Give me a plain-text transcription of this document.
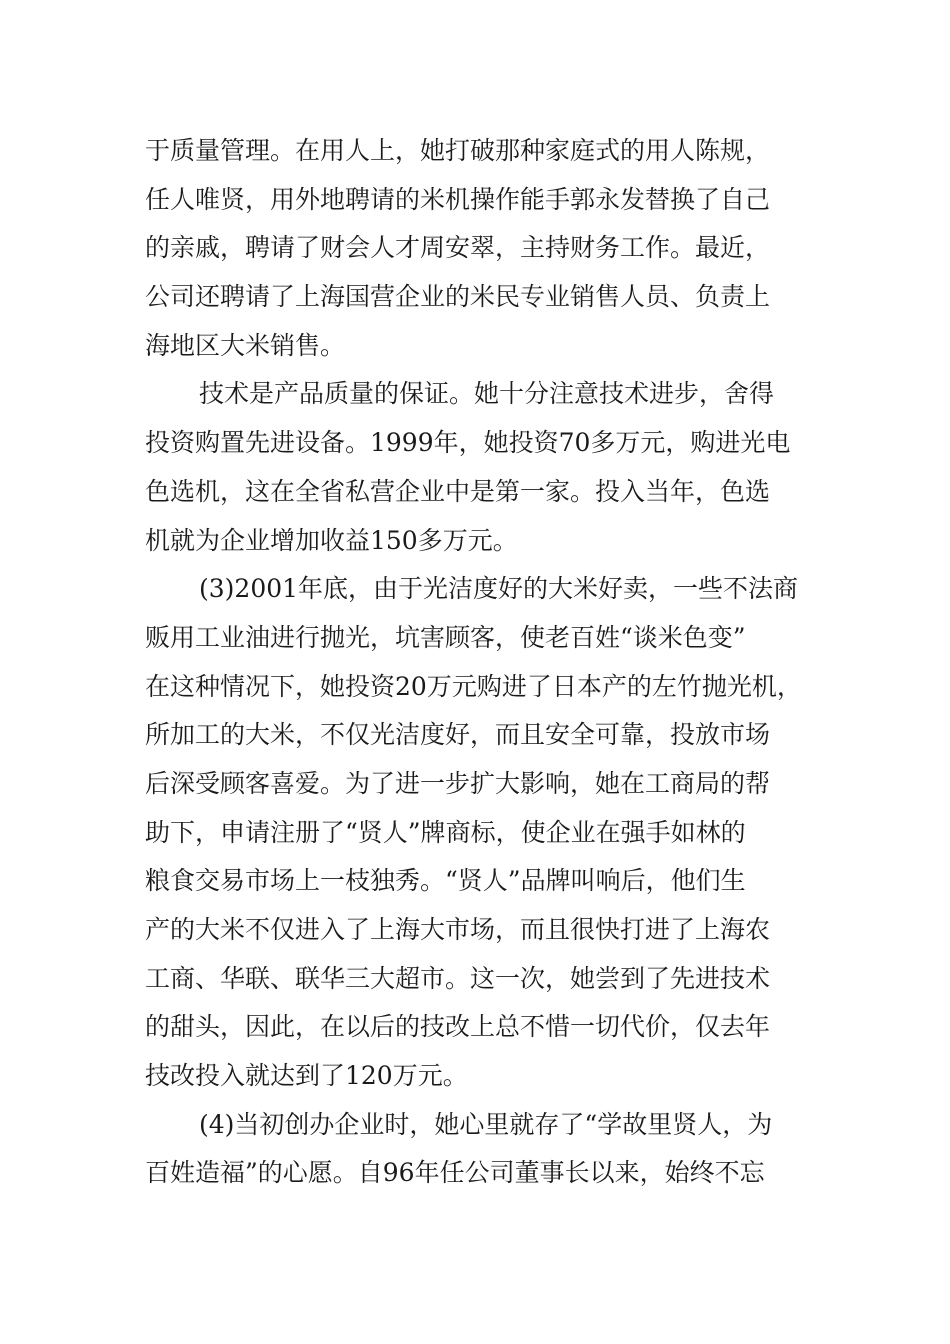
于质量管理。在用人上，她打破那种家庭式的用人陈规，
任人唯贤，用外地聘请的米机操作能手郭永发替换了自己
的亲戚，聘请了财会人才周安翠，主持财务工作。最近，
公司还聘请了上海国营企业的米民专业销售人员、负责上
海地区大米销售。
技术是产品质量的保证。她十分注意技术进步，舍得
投资购置先进设备。1999年，她投资70多万元，购进光电
色选机，这在全省私营企业中是第一家。投入当年，色选
机就为企业增加收益150多万元。
(3)2001年底，由于光洁度好的大米好卖，一些不法商
贩用工业油进行抛光，坑害顾客，使老百姓“谈米色变”
在这种情况下，她投资20万元购进了日本产的左竹抛光机，
所加工的大米，不仅光洁度好，而且安全可靠，投放市场
后深受顾客喜爱。为了进一步扩大影响，她在工商局的帮
助下，申请注册了“贤人”牌商标，使企业在强手如林的
粮食交易市场上一枝独秀。“贤人”品牌叫响后，他们生
产的大米不仅进入了上海大市场，而且很快打进了上海农
工商、华联、联华三大超市。这一次，她尝到了先进技术
的甜头，因此，在以后的技改上总不惜一切代价，仅去年
技改投入就达到了120万元。
(4)当初创办企业时，她心里就存了“学故里贤人，为
百姓造福”的心愿。自96年任公司董事长以来，始终不忘
